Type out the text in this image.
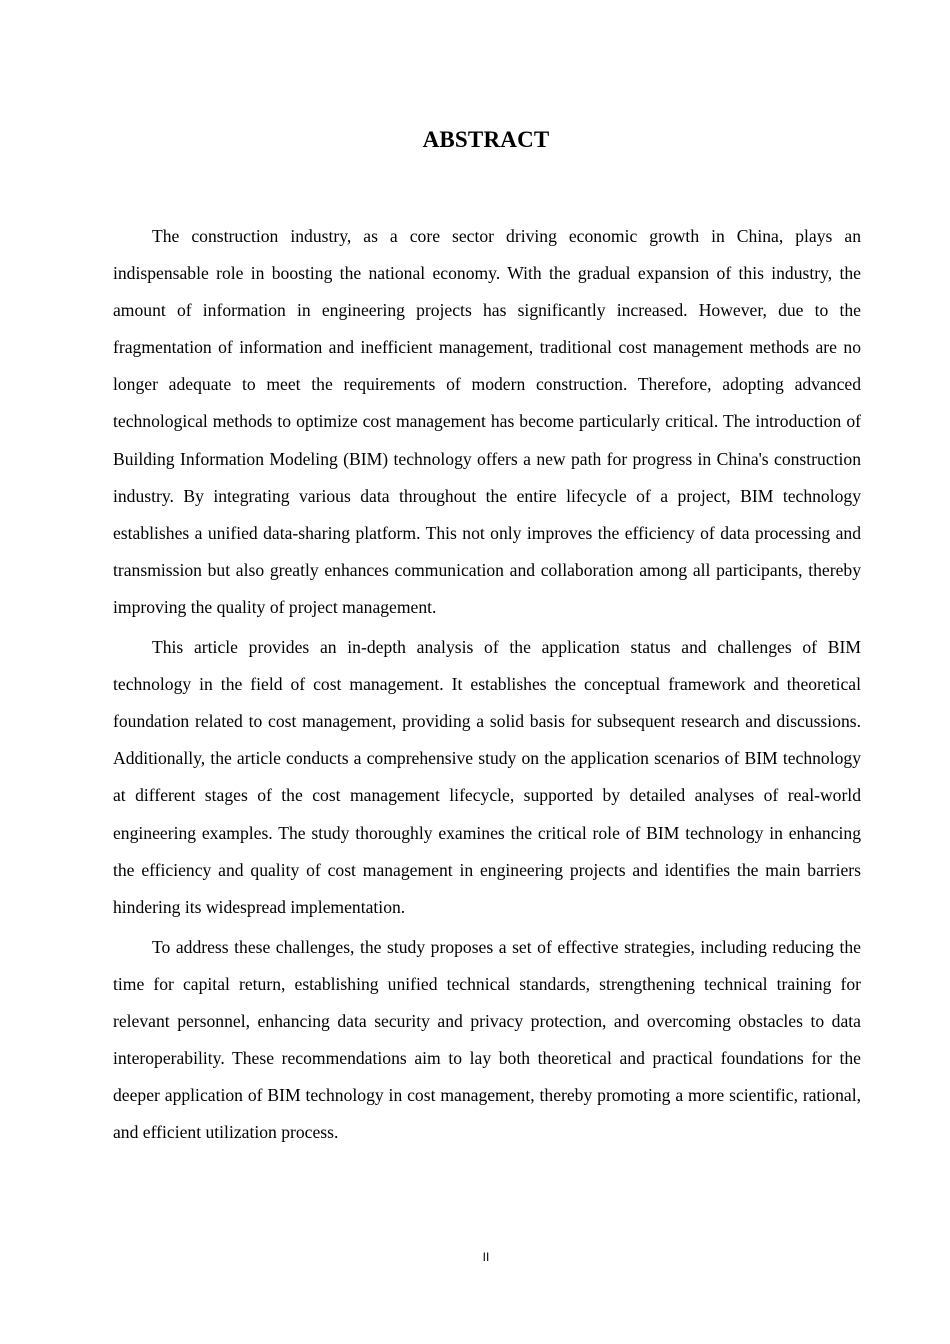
ABSTRACT

The construction industry, as a core sector driving economic growth in China, plays an indispensable role in boosting the national economy. With the gradual expansion of this industry, the amount of information in engineering projects has significantly increased. However, due to the fragmentation of information and inefficient management, traditional cost management methods are no longer adequate to meet the requirements of modern construction. Therefore, adopting advanced technological methods to optimize cost management has become particularly critical. The introduction of Building Information Modeling (BIM) technology offers a new path for progress in China's construction industry. By integrating various data throughout the entire lifecycle of a project, BIM technology establishes a unified data-sharing platform. This not only improves the efficiency of data processing and transmission but also greatly enhances communication and collaboration among all participants, thereby improving the quality of project management.

This article provides an in-depth analysis of the application status and challenges of BIM technology in the field of cost management. It establishes the conceptual framework and theoretical foundation related to cost management, providing a solid basis for subsequent research and discussions. Additionally, the article conducts a comprehensive study on the application scenarios of BIM technology at different stages of the cost management lifecycle, supported by detailed analyses of real-world engineering examples. The study thoroughly examines the critical role of BIM technology in enhancing the efficiency and quality of cost management in engineering projects and identifies the main barriers hindering its widespread implementation.

To address these challenges, the study proposes a set of effective strategies, including reducing the time for capital return, establishing unified technical standards, strengthening technical training for relevant personnel, enhancing data security and privacy protection, and overcoming obstacles to data interoperability. These recommendations aim to lay both theoretical and practical foundations for the deeper application of BIM technology in cost management, thereby promoting a more scientific, rational, and efficient utilization process.

II
